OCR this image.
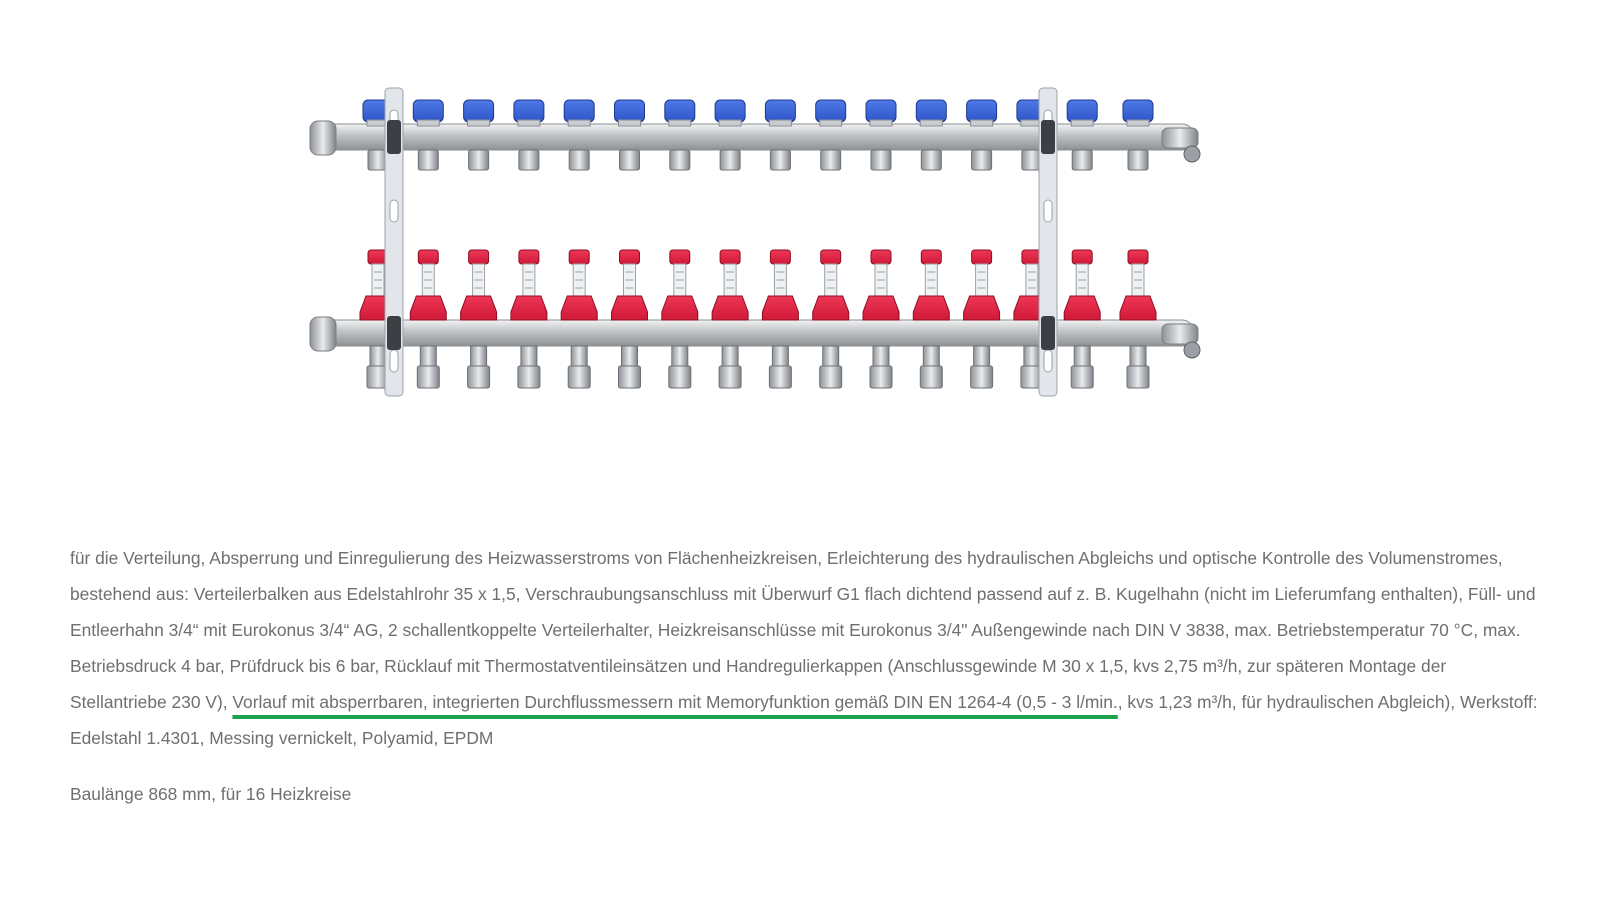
für die Verteilung, Absperrung und Einregulierung des Heizwasserstroms von Flächenheizkreisen, Erleichterung des hydraulischen Abgleichs und optische Kontrolle des Volumenstromes, bestehend aus: Verteilerbalken aus Edelstahlrohr 35 x 1,5, Verschraubungsanschluss mit Überwurf G1 flach dichtend passend auf z. B. Kugelhahn (nicht im Lieferumfang enthalten), Füll- und Entleerhahn 3/4“ mit Eurokonus 3/4“ AG, 2 schallentkoppelte Verteilerhalter, Heizkreisanschlüsse mit Eurokonus 3/4" Außengewinde nach DIN V 3838, max. Betriebstemperatur 70 °C, max. Betriebsdruck 4 bar, Prüfdruck bis 6 bar, Rücklauf mit Thermostatventileinsätzen und Handregulierkappen (Anschlussgewinde M 30 x 1,5, kvs 2,75 m³/h, zur späteren Montage der Stellantriebe 230 V), Vorlauf mit absperrbaren, integrierten Durchflussmessern mit Memoryfunktion gemäß DIN EN 1264-4 (0,5 - 3 l/min., kvs 1,23 m³/h, für hydraulischen Abgleich), Werkstoff: Edelstahl 1.4301, Messing vernickelt, Polyamid, EPDM

Baulänge 868 mm, für 16 Heizkreise
